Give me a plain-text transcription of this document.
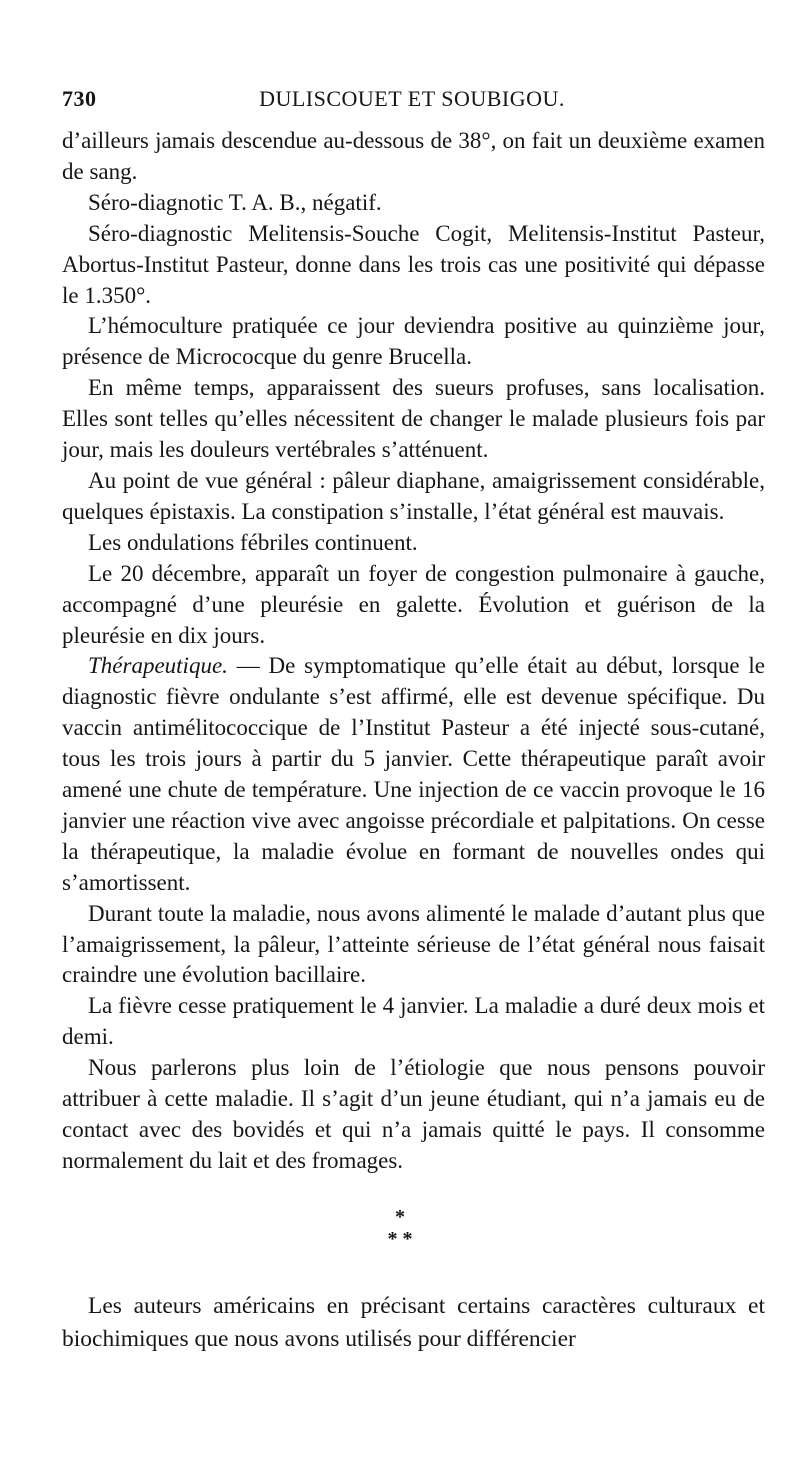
730	DULISCOUET ET SOUBIGOU.

d’ailleurs jamais descendue au-dessous de 38°, on fait un deuxième examen de sang.

Séro-diagnotic T. A. B., négatif.

Séro-diagnostic Melitensis-Souche Cogit, Melitensis-Institut Pasteur, Abortus-Institut Pasteur, donne dans les trois cas une positivité qui dépasse le 1.350°.

L’hémoculture pratiquée ce jour deviendra positive au quinzième jour, présence de Micrococque du genre Brucella.

En même temps, apparaissent des sueurs profuses, sans localisation. Elles sont telles qu’elles nécessitent de changer le malade plusieurs fois par jour, mais les douleurs vertébrales s’atténuent.

Au point de vue général : pâleur diaphane, amaigrissement considérable, quelques épistaxis. La constipation s’installe, l’état général est mauvais.

Les ondulations fébriles continuent.

Le 20 décembre, apparaît un foyer de congestion pulmonaire à gauche, accompagné d’une pleurésie en galette. Évolution et guérison de la pleurésie en dix jours.

Thérapeutique. — De symptomatique qu’elle était au début, lorsque le diagnostic fièvre ondulante s’est affirmé, elle est devenue spécifique. Du vaccin antimélitococcique de l’Institut Pasteur a été injecté sous-cutané, tous les trois jours à partir du 5 janvier. Cette thérapeutique paraît avoir amené une chute de température. Une injection de ce vaccin provoque le 16 janvier une réaction vive avec angoisse précordiale et palpitations. On cesse la thérapeutique, la maladie évolue en formant de nouvelles ondes qui s’amortissent.

Durant toute la maladie, nous avons alimenté le malade d’autant plus que l’amaigrissement, la pâleur, l’atteinte sérieuse de l’état général nous faisait craindre une évolution bacillaire.

La fièvre cesse pratiquement le 4 janvier. La maladie a duré deux mois et demi.

Nous parlerons plus loin de l’étiologie que nous pensons pouvoir attribuer à cette maladie. Il s’agit d’un jeune étudiant, qui n’a jamais eu de contact avec des bovidés et qui n’a jamais quitté le pays. Il consomme normalement du lait et des fromages.

*
* *

Les auteurs américains en précisant certains caractères culturaux et biochimiques que nous avons utilisés pour différencier
